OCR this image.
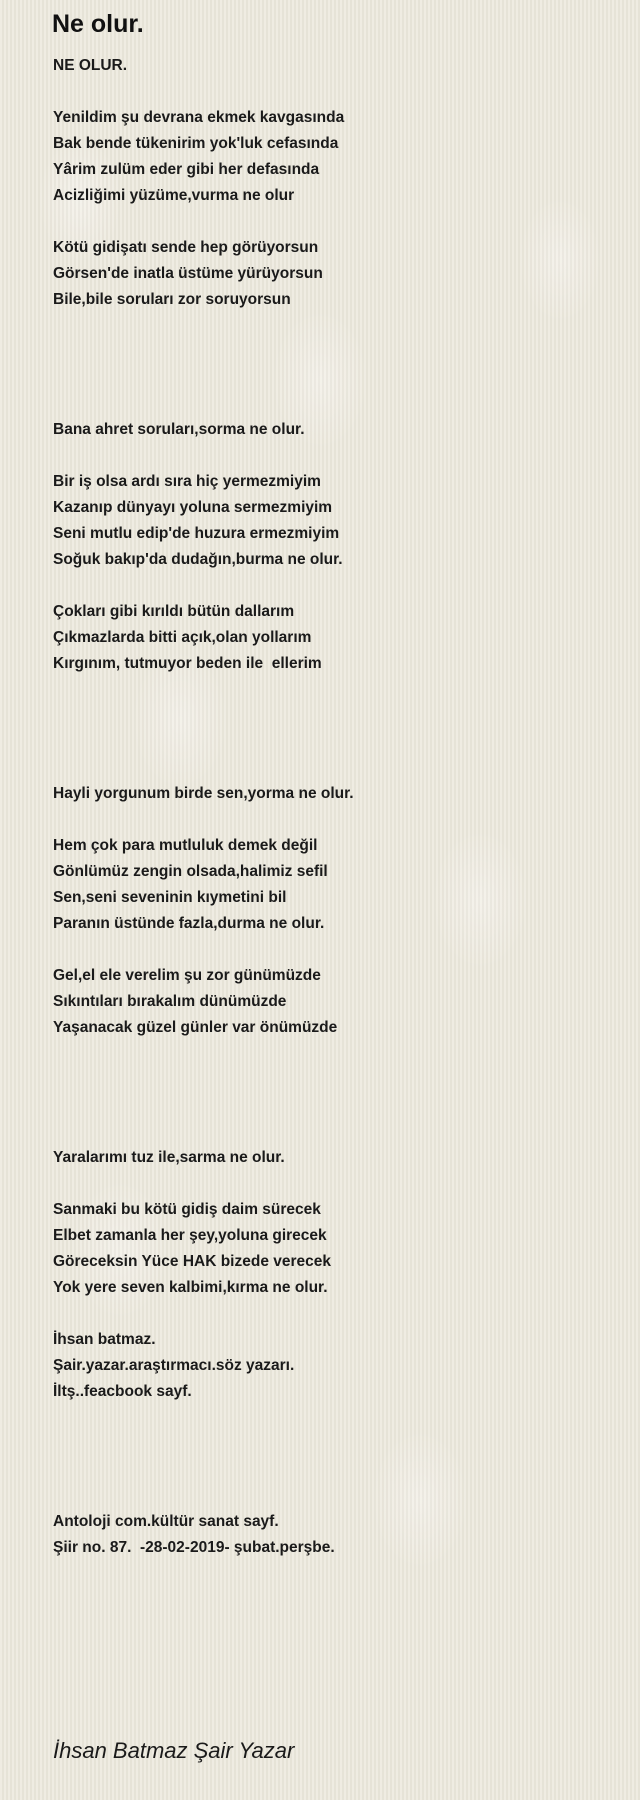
Ne olur.
NE OLUR.
Yenildim şu devrana ekmek kavgasında
Bak bende tükenirim yok'luk cefasında
Yârim zulüm eder gibi her defasında
Acizliğimi yüzüme,vurma ne olur
Kötü gidişatı sende hep görüyorsun
Görsen'de inatla üstüme yürüyorsun
Bile,bile soruları zor soruyorsun
Bana ahret soruları,sorma ne olur.
Bir iş olsa ardı sıra hiç yermezmiyim
Kazanıp dünyayı yoluna sermezmiyim
Seni mutlu edip'de huzura ermezmiyim
Soğuk bakıp'da dudağın,burma ne olur.
Çokları gibi kırıldı bütün dallarım
Çıkmazlarda bitti açık,olan yollarım
Kırgınım, tutmuyor beden ile  ellerim
Hayli yorgunum birde sen,yorma ne olur.
Hem çok para mutluluk demek değil
Gönlümüz zengin olsada,halimiz sefil
Sen,seni seveninin kıymetini bil
Paranın üstünde fazla,durma ne olur.
Gel,el ele verelim şu zor günümüzde
Sıkıntıları bırakalım dünümüzde
Yaşanacak güzel günler var önümüzde
Yaralarımı tuz ile,sarma ne olur.
Sanmaki bu kötü gidiş daim sürecek
Elbet zamanla her şey,yoluna girecek
Göreceksin Yüce HAK bizede verecek
Yok yere seven kalbimi,kırma ne olur.
İhsan batmaz.
Şair.yazar.araştırmacı.söz yazarı.
İltş..feacbook sayf.
Antoloji com.kültür sanat sayf.
Şiir no. 87.  -28-02-2019- şubat.perşbe.
İhsan Batmaz Şair Yazar
